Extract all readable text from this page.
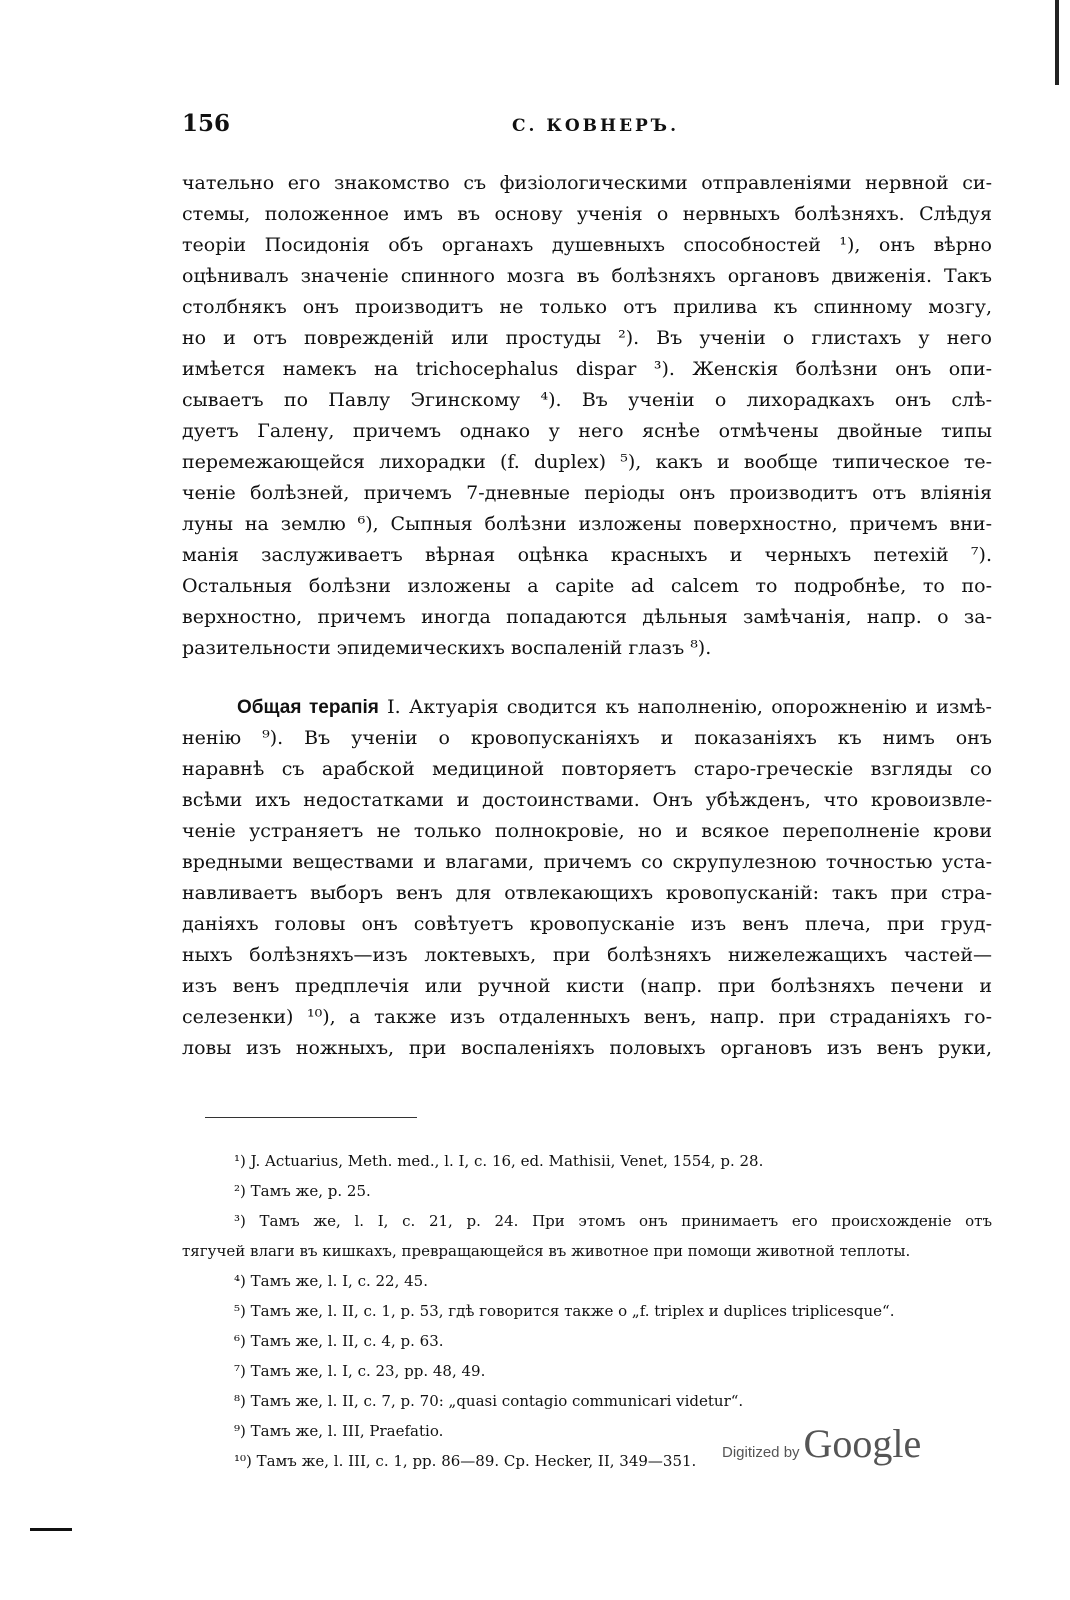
156	С. КОВНЕРЪ.
чательно его знакомство съ физiологическими отправленiями нервной си-
стемы, положенное имъ въ основу ученiя о нервныхъ болѣзняхъ. Слѣдуя
теорiи Посидонiя объ органахъ душевныхъ способностей ¹), онъ вѣрно
оцѣнивалъ значенiе спинного мозга въ болѣзняхъ органовъ движенiя. Такъ
столбнякъ онъ производитъ не только отъ прилива къ спинному мозгу,
но и отъ поврежденiй или простуды ²). Въ ученiи о глистахъ у него
имѣется намекъ на trichocephalus dispar ³). Женскiя болѣзни онъ опи-
сываетъ по Павлу Эгинскому ⁴). Въ ученiи о лихорадкахъ онъ слѣ-
дуетъ Галену, причемъ однако у него яснѣе отмѣчены двойные типы
перемежающейся лихорадки (f. duplex) ⁵), какъ и вообще типическое те-
ченiе болѣзней, причемъ 7-дневные перiоды онъ производитъ отъ влiянiя
луны на землю ⁶), Сыпныя болѣзни изложены поверхностно, причемъ вни-
манiя заслуживаетъ вѣрная оцѣнка красныхъ и черныхъ петехiй ⁷).
Остальныя болѣзни изложены a capite ad calcem то подробнѣе, то по-
верхностно, причемъ иногда попадаются дѣльныя замѣчанiя, напр. о за-
разительности эпидемическихъ воспаленiй глазъ ⁸).
Общая терапiя I. Актуарiя сводится къ наполненiю, опорожненiю и измѣ-
ненiю ⁹). Въ ученiи о кровопусканiяхъ и показанiяхъ къ нимъ онъ
наравнѣ съ арабской медициной повторяетъ старо-греческiе взгляды со
всѣми ихъ недостатками и достоинствами. Онъ убѣжденъ, что кровоизвле-
ченiе устраняетъ не только полнокровiе, но и всякое переполненiе крови
вредными веществами и влагами, причемъ со скрупулезною точностью уста-
навливаетъ выборъ венъ для отвлекающихъ кровопусканiй: такъ при стра-
данiяхъ головы онъ совѣтуетъ кровопусканiе изъ венъ плеча, при груд-
ныхъ болѣзняхъ—изъ локтевыхъ, при болѣзняхъ нижележащихъ частей—
изъ венъ предплечiя или ручной кисти (напр. при болѣзняхъ печени и
селезенки) ¹⁰), а также изъ отдаленныхъ венъ, напр. при страданiяхъ го-
ловы изъ ножныхъ, при воспаленiяхъ половыхъ органовъ изъ венъ руки,
¹) J. Actuarius, Meth. med., l. I, c. 16, ed. Mathisii, Venet, 1554, p. 28.
²) Тамъ же, р. 25.
³) Тамъ же, l. I, c. 21, р. 24. При этомъ онъ принимаетъ его происхожденiе отъ
тягучей влаги въ кишкахъ, превращающейся въ животное при помощи животной теплоты.
⁴) Тамъ же, l. I, c. 22, 45.
⁵) Тамъ же, l. II, c. 1, р. 53, гдѣ говорится также о „f. triplex и duplices triplicesque“.
⁶) Тамъ же, l. II, c. 4, р. 63.
⁷) Тамъ же, l. I, c. 23, рр. 48, 49.
⁸) Тамъ же, l. II, c. 7, р. 70: „quasi contagio communicari videtur“.
⁹) Тамъ же, l. III, Praefatio.
¹⁰) Тамъ же, l. III, c. 1, рр. 86—89. Ср. Hecker, II, 349—351.	Digitized by Google
